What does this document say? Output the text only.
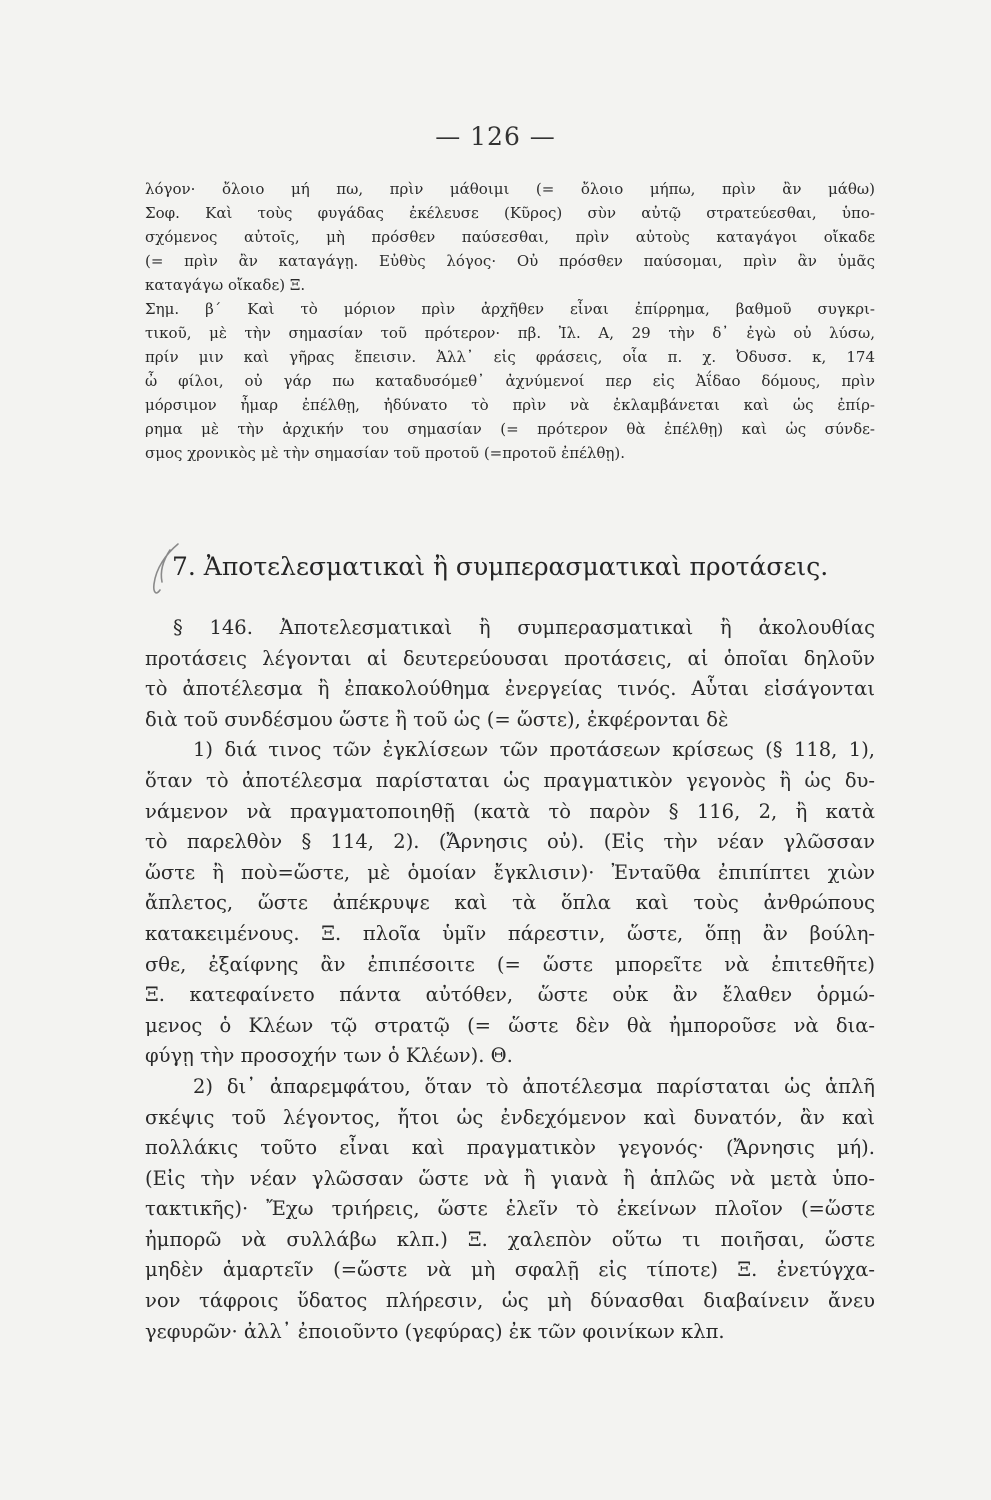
— 126 —
λόγον· ὄλοιο μή πω, πρὶν μάθοιμι (= ὄλοιο μήπω, πρὶν ἂν μάθω)
Σοφ. Καὶ τοὺς φυγάδας ἐκέλευσε (Κῦρος) σὺν αὐτῷ στρατεύεσθαι, ὑπο-
σχόμενος αὐτοῖς, μὴ πρόσθεν παύσεσθαι, πρὶν αὐτοὺς καταγάγοι οἴκαδε
(= πρὶν ἂν καταγάγῃ. Εὐθὺς λόγος· Οὐ πρόσθεν παύσομαι, πρὶν ἂν ὑμᾶς
καταγάγω οἴκαδε) Ξ.
Σημ. β΄ Καὶ τὸ μόριον πρὶν ἀρχῆθεν εἶναι ἐπίρρημα, βαθμοῦ συγκρι-
τικοῦ, μὲ τὴν σημασίαν τοῦ πρότερον· πβ. Ἰλ. Α, 29 τὴν δ᾽ ἐγὼ οὐ λύσω,
πρίν μιν καὶ γῆρας ἔπεισιν. Ἀλλ᾽ εἰς φράσεις, οἷα π. χ. Ὀδυσσ. κ, 174
ὦ φίλοι, οὐ γάρ πω καταδυσόμεθ᾽ ἀχνύμενοί περ εἰς Ἀΐδαο δόμους, πρὶν
μόρσιμον ἦμαρ ἐπέλθῃ, ἠδύνατο τὸ πρὶν νὰ ἐκλαμβάνεται καὶ ὡς ἐπίρ-
ρημα μὲ τὴν ἀρχικήν του σημασίαν (= πρότερον θὰ ἐπέλθῃ) καὶ ὡς σύνδε-
σμος χρονικὸς μὲ τὴν σημασίαν τοῦ προτοῦ (=προτοῦ ἐπέλθῃ).
7. Ἀποτελεσματικαὶ ἢ συμπερασματικαὶ προτάσεις.
§ 146. Ἀποτελεσματικαὶ ἢ συμπερασματικαὶ ἢ ἀκολουθίας
προτάσεις λέγονται αἱ δευτερεύουσαι προτάσεις, αἱ ὁποῖαι δηλοῦν
τὸ ἀποτέλεσμα ἢ ἐπακολούθημα ἐνεργείας τινός. Αὗται εἰσάγονται
διὰ τοῦ συνδέσμου ὥστε ἢ τοῦ ὡς (= ὥστε), ἐκφέρονται δὲ
1) διά τινος τῶν ἐγκλίσεων τῶν προτάσεων κρίσεως (§ 118, 1),
ὅταν τὸ ἀποτέλεσμα παρίσταται ὡς πραγματικὸν γεγονὸς ἢ ὡς δυ-
νάμενον νὰ πραγματοποιηθῇ (κατὰ τὸ παρὸν § 116, 2, ἢ κατὰ
τὸ παρελθὸν § 114, 2). (Ἄρνησις οὐ). (Εἰς τὴν νέαν γλῶσσαν
ὥστε ἢ ποὺ=ὥστε, μὲ ὁμοίαν ἔγκλισιν)· Ἐνταῦθα ἐπιπίπτει χιὼν
ἄπλετος, ὥστε ἀπέκρυψε καὶ τὰ ὅπλα καὶ τοὺς ἀνθρώπους
κατακειμένους. Ξ. πλοῖα ὑμῖν πάρεστιν, ὥστε, ὅπῃ ἂν βούλη-
σθε, ἐξαίφνης ἂν ἐπιπέσοιτε (= ὥστε μπορεῖτε νὰ ἐπιτεθῆτε)
Ξ. κατεφαίνετο πάντα αὐτόθεν, ὥστε οὐκ ἂν ἔλαθεν ὁρμώ-
μενος ὁ Κλέων τῷ στρατῷ (= ὥστε δὲν θὰ ἠμποροῦσε νὰ δια-
φύγῃ τὴν προσοχήν των ὁ Κλέων). Θ.
2) δι᾽ ἀπαρεμφάτου, ὅταν τὸ ἀποτέλεσμα παρίσταται ὡς ἁπλῆ
σκέψις τοῦ λέγοντος, ἤτοι ὡς ἐνδεχόμενον καὶ δυνατόν, ἂν καὶ
πολλάκις τοῦτο εἶναι καὶ πραγματικὸν γεγονός· (Ἄρνησις μή).
(Εἰς τὴν νέαν γλῶσσαν ὥστε νὰ ἢ γιανὰ ἢ ἁπλῶς νὰ μετὰ ὑπο-
τακτικῆς)· Ἔχω τριήρεις, ὥστε ἑλεῖν τὸ ἐκείνων πλοῖον (=ὥστε
ἠμπορῶ νὰ συλλάβω κλπ.) Ξ. χαλεπὸν οὕτω τι ποιῆσαι, ὥστε
μηδὲν ἁμαρτεῖν (=ὥστε νὰ μὴ σφαλῇ εἰς τίποτε) Ξ. ἐνετύγχα-
νον τάφροις ὕδατος πλήρεσιν, ὡς μὴ δύνασθαι διαβαίνειν ἄνευ
γεφυρῶν· ἀλλ᾽ ἐποιοῦντο (γεφύρας) ἐκ τῶν φοινίκων κλπ.
